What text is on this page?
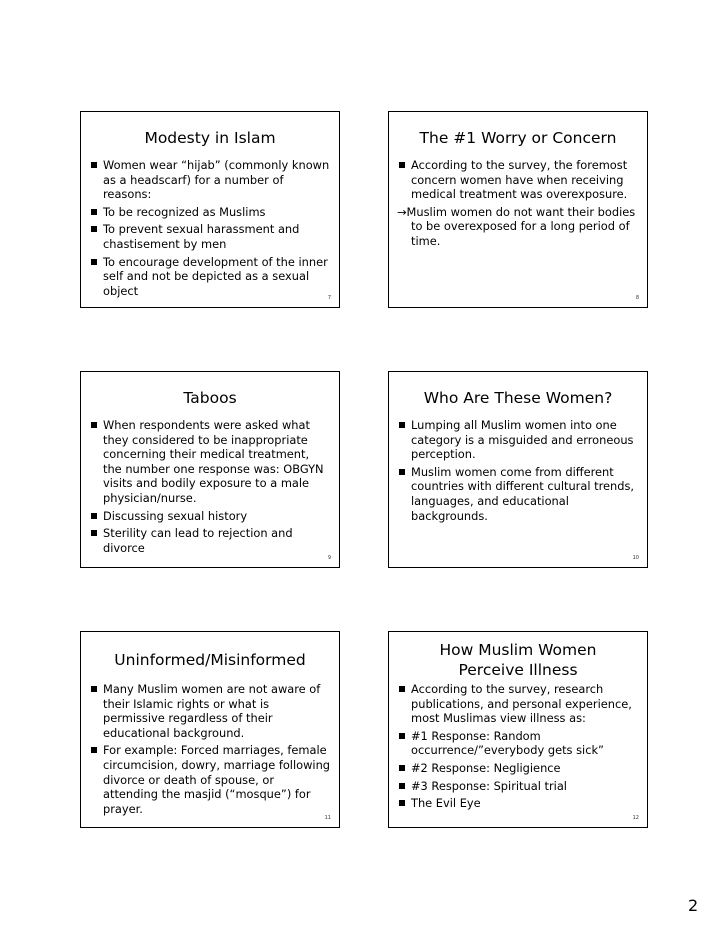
Modesty in Islam
Women wear “hijab” (commonly known as a headscarf) for a number of reasons:
To be recognized as Muslims
To prevent sexual harassment and chastisement by men
To encourage development of the inner self and not be depicted as a sexual object
7
The #1 Worry or Concern
According to the survey, the foremost concern women have when receiving medical treatment was overexposure.
→Muslim women do not want their bodies to be overexposed for a long period of time.
8
Taboos
When respondents were asked what they considered to be inappropriate concerning their medical treatment, the number one response was: OBGYN visits and bodily exposure to a male physician/nurse.
Discussing sexual history
Sterility can lead to rejection and divorce
9
Who Are These Women?
Lumping all Muslim women into one category is a misguided and erroneous perception.
Muslim women come from different countries with different cultural trends, languages, and educational backgrounds.
10
Uninformed/Misinformed
Many Muslim women are not aware of their Islamic rights or what is permissive regardless of their educational background.
For example: Forced marriages, female circumcision, dowry, marriage following divorce or death of spouse, or attending the masjid (“mosque”) for prayer.
11
How Muslim Women Perceive Illness
According to the survey, research publications, and personal experience, most Muslimas view illness as:
#1 Response: Random occurrence/”everybody gets sick”
#2 Response: Negligience
#3 Response: Spiritual trial
The Evil Eye
12
2
